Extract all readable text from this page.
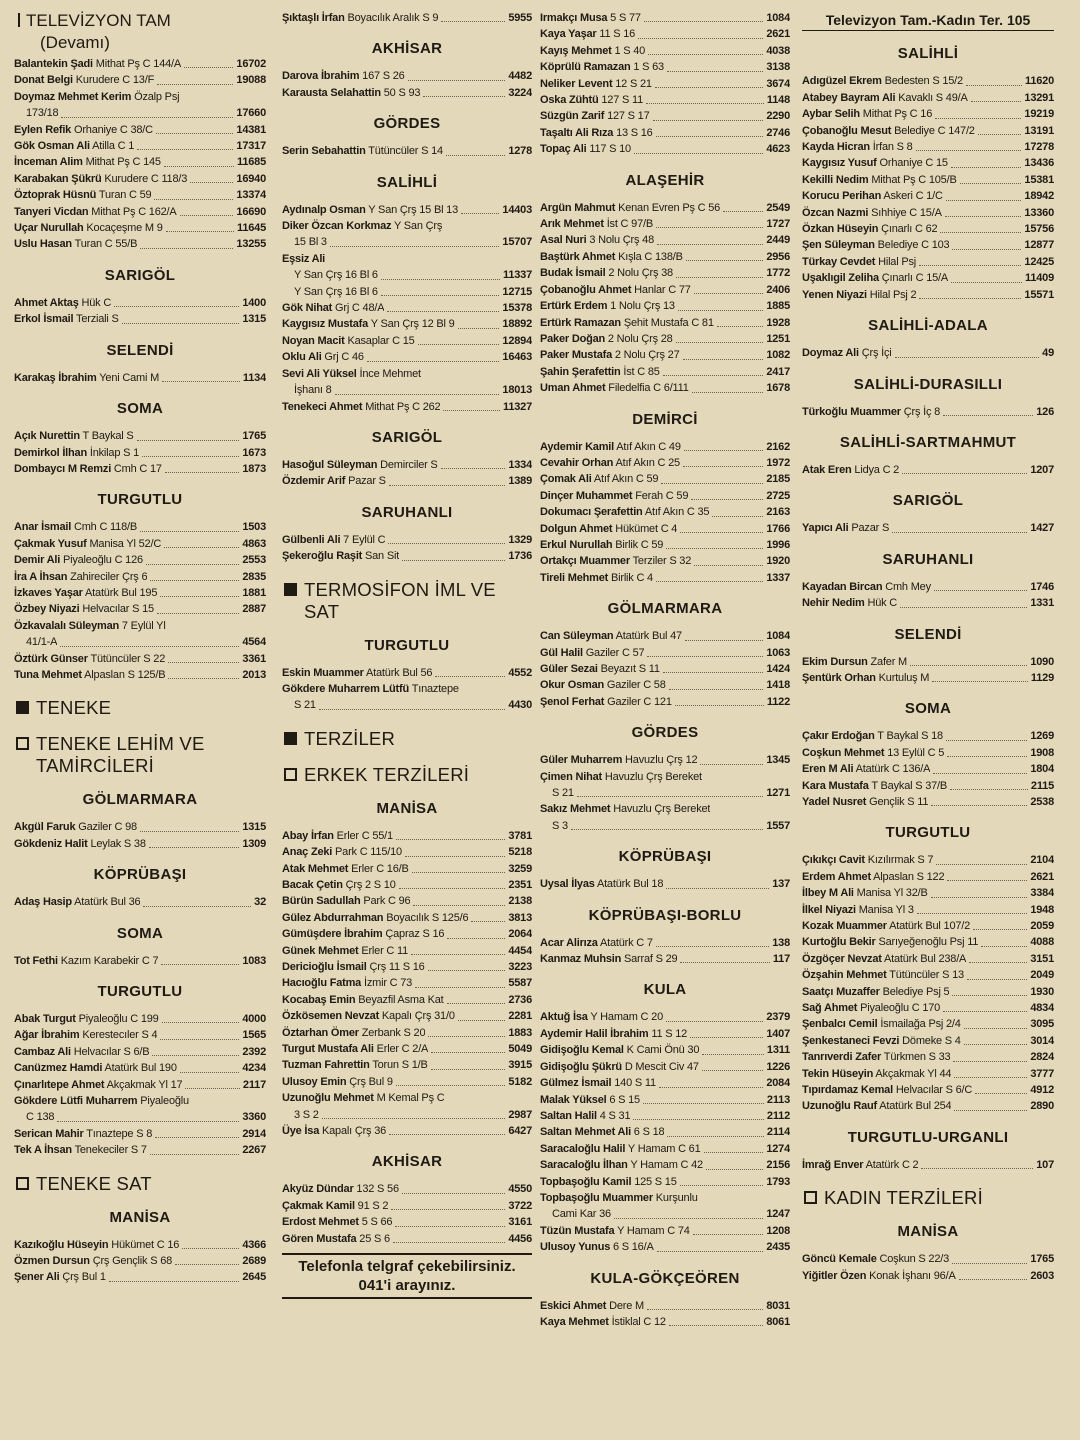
TELEVİZYON TAM
(Devamı)
Balantekin Şadi Mithat Pş C 144/A	16702
Donat Belgi Kurudere C 13/F	19088
Doymaz Mehmet Kerim Özalp Psj
173/18	17660
Eylen Refik Orhaniye C 38/C	14381
Gök Osman Ali Atilla C 1	17317
İnceman Alim Mithat Pş C 145	11685
Karabakan Şükrü Kurudere C 118/3	16940
Öztoprak Hüsnü Turan C 59	13374
Tanyeri Vicdan Mithat Pş C 162/A	16690
Uçar Nurullah Kocaçeşme M 9	11645
Uslu Hasan Turan C 55/B	13255
SARIGÖL
Ahmet Aktaş Hük C	1400
Erkol İsmail Terziali S	1315
SELENDİ
Karakaş İbrahim Yeni Cami M	1134
SOMA
Açık Nurettin T Baykal S	1765
Demirkol İlhan İnkilap S 1	1673
Dombaycı M Remzi Cmh C 17	1873
TURGUTLU
Anar İsmail Cmh C 118/B	1503
Çakmak Yusuf Manisa Yl 52/C	4863
Demir Ali Piyaleoğlu C 126	2553
İra A İhsan Zahireciler Çrş 6	2835
İzkaves Yaşar Atatürk Bul 195	1881
Özbey Niyazi Helvacılar S 15	2887
Özkavalalı Süleyman 7 Eylül Yl
41/1-A	4564
Öztürk Günser Tütüncüler S 22	3361
Tuna Mehmet Alpaslan S 125/B	2013
TENEKE
TENEKE LEHİM VE TAMİRCİLERİ
GÖLMARMARA
Akgül Faruk Gaziler C 98	1315
Gökdeniz Halit Leylak S 38	1309
KÖPRÜBAŞI
Adaş Hasip Atatürk Bul 36	32
SOMA
Tot Fethi Kazım Karabekir C 7	1083
TURGUTLU
Abak Turgut Piyaleoğlu C 199	4000
Ağar İbrahim Kerestecıler S 4	1565
Cambaz Ali Helvacılar S 6/B	2392
Canüzmez Hamdi Atatürk Bul 190	4234
Çınarlıtepe Ahmet Akçakmak Yl 17	2117
Gökdere Lütfi Muharrem Piyaleoğlu
C 138	3360
Serican Mahir Tınaztepe S 8	2914
Tek A İhsan Tenekeciler S 7	2267
TENEKE SAT
MANİSA
Kazıkoğlu Hüseyin Hükümet C 16	4366
Özmen Dursun Çrş Gençlik S 68	2689
Şener Ali Çrş Bul 1	2645
Şıktaşlı İrfan Boyacılık Aralık S 9	5955
AKHİSAR
Darova İbrahim 167 S 26	4482
Karausta Selahattin 50 S 93	3224
GÖRDES
Serin Sebahattin Tütüncüler S 14	1278
SALİHLİ
Aydınalp Osman Y San Çrş 15 Bl 13	14403
Diker Özcan Korkmaz Y San Çrş
15 Bl 3	15707
Eşsiz Ali
Y San Çrş 16 Bl 6	11337
Y San Çrş 16 Bl 6	12715
Gök Nihat Grj C 48/A	15378
Kaygısız Mustafa Y San Çrş 12 Bl 9	18892
Noyan Macit Kasaplar C 15	12894
Oklu Ali Grj C 46	16463
Sevi Ali Yüksel İnce Mehmet
İşhanı 8	18013
Tenekeci Ahmet Mithat Pş C 262	11327
SARIGÖL
Hasoğul Süleyman Demirciler S	1334
Özdemir Arif Pazar S	1389
SARUHANLI
Gülbenli Ali 7 Eylül C	1329
Şekeroğlu Raşit San Sit	1736
TERMOSİFON İML VE SAT
TURGUTLU
Eskin Muammer Atatürk Bul 56	4552
Gökdere Muharrem Lütfü Tınaztepe
S 21	4430
TERZİLER
ERKEK TERZİLERİ
MANİSA
Abay İrfan Erler C 55/1	3781
Anaç Zeki Park C 115/10	5218
Atak Mehmet Erler C 16/B	3259
Bacak Çetin Çrş 2 S 10	2351
Bürün Sadullah Park C 96	2138
Gülez Abdurrahman Boyacılık S 125/6	3813
Gümüşdere İbrahim Çapraz S 16	2064
Günek Mehmet Erler C 11	4454
Dericioğlu İsmail Çrş 11 S 16	3223
Hacıoğlu Fatma İzmir C 73	5587
Kocabaş Emin Beyazfil Asma Kat	2736
Özkösemen Nevzat Kapalı Çrş 31/0	2281
Öztarhan Ömer Zerbank S 20	1883
Turgut Mustafa Ali Erler C 2/A	5049
Tuzman Fahrettin Torun S 1/B	3915
Ulusoy Emin Çrş Bul 9	5182
Uzunoğlu Mehmet M Kemal Pş C
3 S 2	2987
Üye İsa Kapalı Çrş 36	6427
AKHİSAR
Akyüz Dündar 132 S 56	4550
Çakmak Kamil 91 S 2	3722
Erdost Mehmet 5 S 66	3161
Gören Mustafa 25 S 6	4456
Telefonla telgraf çekebilirsiniz.
041'i arayınız.
Irmakçı Musa 5 S 77	1084
Kaya Yaşar 11 S 16	2621
Kayış Mehmet 1 S 40	4038
Köprülü Ramazan 1 S 63	3138
Neliker Levent 12 S 21	3674
Oska Zühtü 127 S 11	1148
Süzgün Zarif 127 S 17	2290
Taşaltı Ali Rıza 13 S 16	2746
Topaç Ali 117 S 10	4623
ALAŞEHİR
Argün Mahmut Kenan Evren Pş C 56	2549
Arık Mehmet İst C 97/B	1727
Asal Nuri 3 Nolu Çrş 48	2449
Baştürk Ahmet Kışla C 138/B	2956
Budak İsmail 2 Nolu Çrş 38	1772
Çobanoğlu Ahmet Hanlar C 77	2406
Ertürk Erdem 1 Nolu Çrş 13	1885
Ertürk Ramazan Şehit Mustafa C 81	1928
Paker Doğan 2 Nolu Çrş 28	1251
Paker Mustafa 2 Nolu Çrş 27	1082
Şahin Şerafettin İst C 85	2417
Uman Ahmet Filedelfia C 6/111	1678
DEMİRCİ
Aydemir Kamil Atıf Akın C 49	2162
Cevahir Orhan Atıf Akın C 25	1972
Çomak Ali Atıf Akın C 59	2185
Dinçer Muhammet Ferah C 59	2725
Dokumacı Şerafettin Atıf Akın C 35	2163
Dolgun Ahmet Hükümet C 4	1766
Erkul Nurullah Birlik C 59	1996
Ortakçı Muammer Terziler S 32	1920
Tireli Mehmet Birlik C 4	1337
GÖLMARMARA
Can Süleyman Atatürk Bul 47	1084
Gül Halil Gaziler C 57	1063
Güler Sezai Beyazıt S 11	1424
Okur Osman Gaziler C 58	1418
Şenol Ferhat Gaziler C 121	1122
GÖRDES
Güler Muharrem Havuzlu Çrş 12	1345
Çimen Nihat Havuzlu Çrş Bereket
S 21	1271
Sakız Mehmet Havuzlu Çrş Bereket
S 3	1557
KÖPRÜBAŞI
Uysal İlyas Atatürk Bul 18	137
KÖPRÜBAŞI-BORLU
Acar Alirıza Atatürk C 7	138
Kanmaz Muhsin Sarraf S 29	117
KULA
Aktuğ İsa Y Hamam C 20	2379
Aydemir Halil İbrahim 11 S 12	1407
Gidişoğlu Kemal K Cami Önü 30	1311
Gidişoğlu Şükrü D Mescit Civ 47	1226
Gülmez İsmail 140 S 11	2084
Malak Yüksel 6 S 15	2113
Saltan Halil 4 S 31	2112
Saltan Mehmet Ali 6 S 18	2114
Saracaloğlu Halil Y Hamam C 61	1274
Saracaloğlu İlhan Y Hamam C 42	2156
Topbaşoğlu Kamil 125 S 15	1793
Topbaşoğlu Muammer Kurşunlu
Cami Kar 36	1247
Tüzün Mustafa Y Hamam C 74	1208
Ulusoy Yunus 6 S 16/A	2435
KULA-GÖKÇEÖREN
Eskici Ahmet Dere M	8031
Kaya Mehmet İstiklal C 12	8061
Televizyon Tam.-Kadın Ter. 105
SALİHLİ
Adıgüzel Ekrem Bedesten S 15/2	11620
Atabey Bayram Ali Kavaklı S 49/A	13291
Aybar Selih Mithat Pş C 16	19219
Çobanoğlu Mesut Belediye C 147/2	13191
Kayda Hicran İrfan S 8	17278
Kaygısız Yusuf Orhaniye C 15	13436
Kekilli Nedim Mithat Pş C 105/B	15381
Korucu Perihan Askeri C 1/C	18942
Özcan Nazmi Sıhhiye C 15/A	13360
Özkan Hüseyin Çınarlı C 62	15756
Şen Süleyman Belediye C 103	12877
Türkay Cevdet Hilal Psj	12425
Uşaklıgil Zeliha Çınarlı C 15/A	11409
Yenen Niyazi Hilal Psj 2	15571
SALİHLİ-ADALA
Doymaz Ali Çrş İçi	49
SALİHLİ-DURASILLI
Türkoğlu Muammer Çrş İç 8	126
SALİHLİ-SARTMAHMUT
Atak Eren Lidya C 2	1207
SARIGÖL
Yapıcı Ali Pazar S	1427
SARUHANLI
Kayadan Bircan Cmh Mey	1746
Nehir Nedim Hük C	1331
SELENDİ
Ekim Dursun Zafer M	1090
Şentürk Orhan Kurtuluş M	1129
SOMA
Çakır Erdoğan T Baykal S 18	1269
Coşkun Mehmet 13 Eylül C 5	1908
Eren M Ali Atatürk C 136/A	1804
Kara Mustafa T Baykal S 37/B	2115
Yadel Nusret Gençlik S 11	2538
TURGUTLU
Çıkıkçı Cavit Kızılırmak S 7	2104
Erdem Ahmet Alpaslan S 122	2621
İlbey M Ali Manisa Yl 32/B	3384
İlkel Niyazi Manisa Yl 3	1948
Kozak Muammer Atatürk Bul 107/2	2059
Kurtoğlu Bekir Sarıyeğenoğlu Psj 11	4088
Özgöçer Nevzat Atatürk Bul 238/A	3151
Özşahin Mehmet Tütüncüler S 13	2049
Saatçı Muzaffer Belediye Psj 5	1930
Sağ Ahmet Piyaleoğlu C 170	4834
Şenbalcı Cemil İsmailağa Psj 2/4	3095
Şenkestaneci Fevzi Dömeke S 4	3014
Tanrıverdi Zafer Türkmen S 33	2824
Tekin Hüseyin Akçakmak Yl 44	3777
Tıpırdamaz Kemal Helvacılar S 6/C	4912
Uzunoğlu Rauf Atatürk Bul 254	2890
TURGUTLU-URGANLI
İmrağ Enver Atatürk C 2	107
KADIN TERZİLERİ
MANİSA
Göncü Kemale Coşkun S 22/3	1765
Yiğitler Özen Konak İşhanı 96/A	2603
